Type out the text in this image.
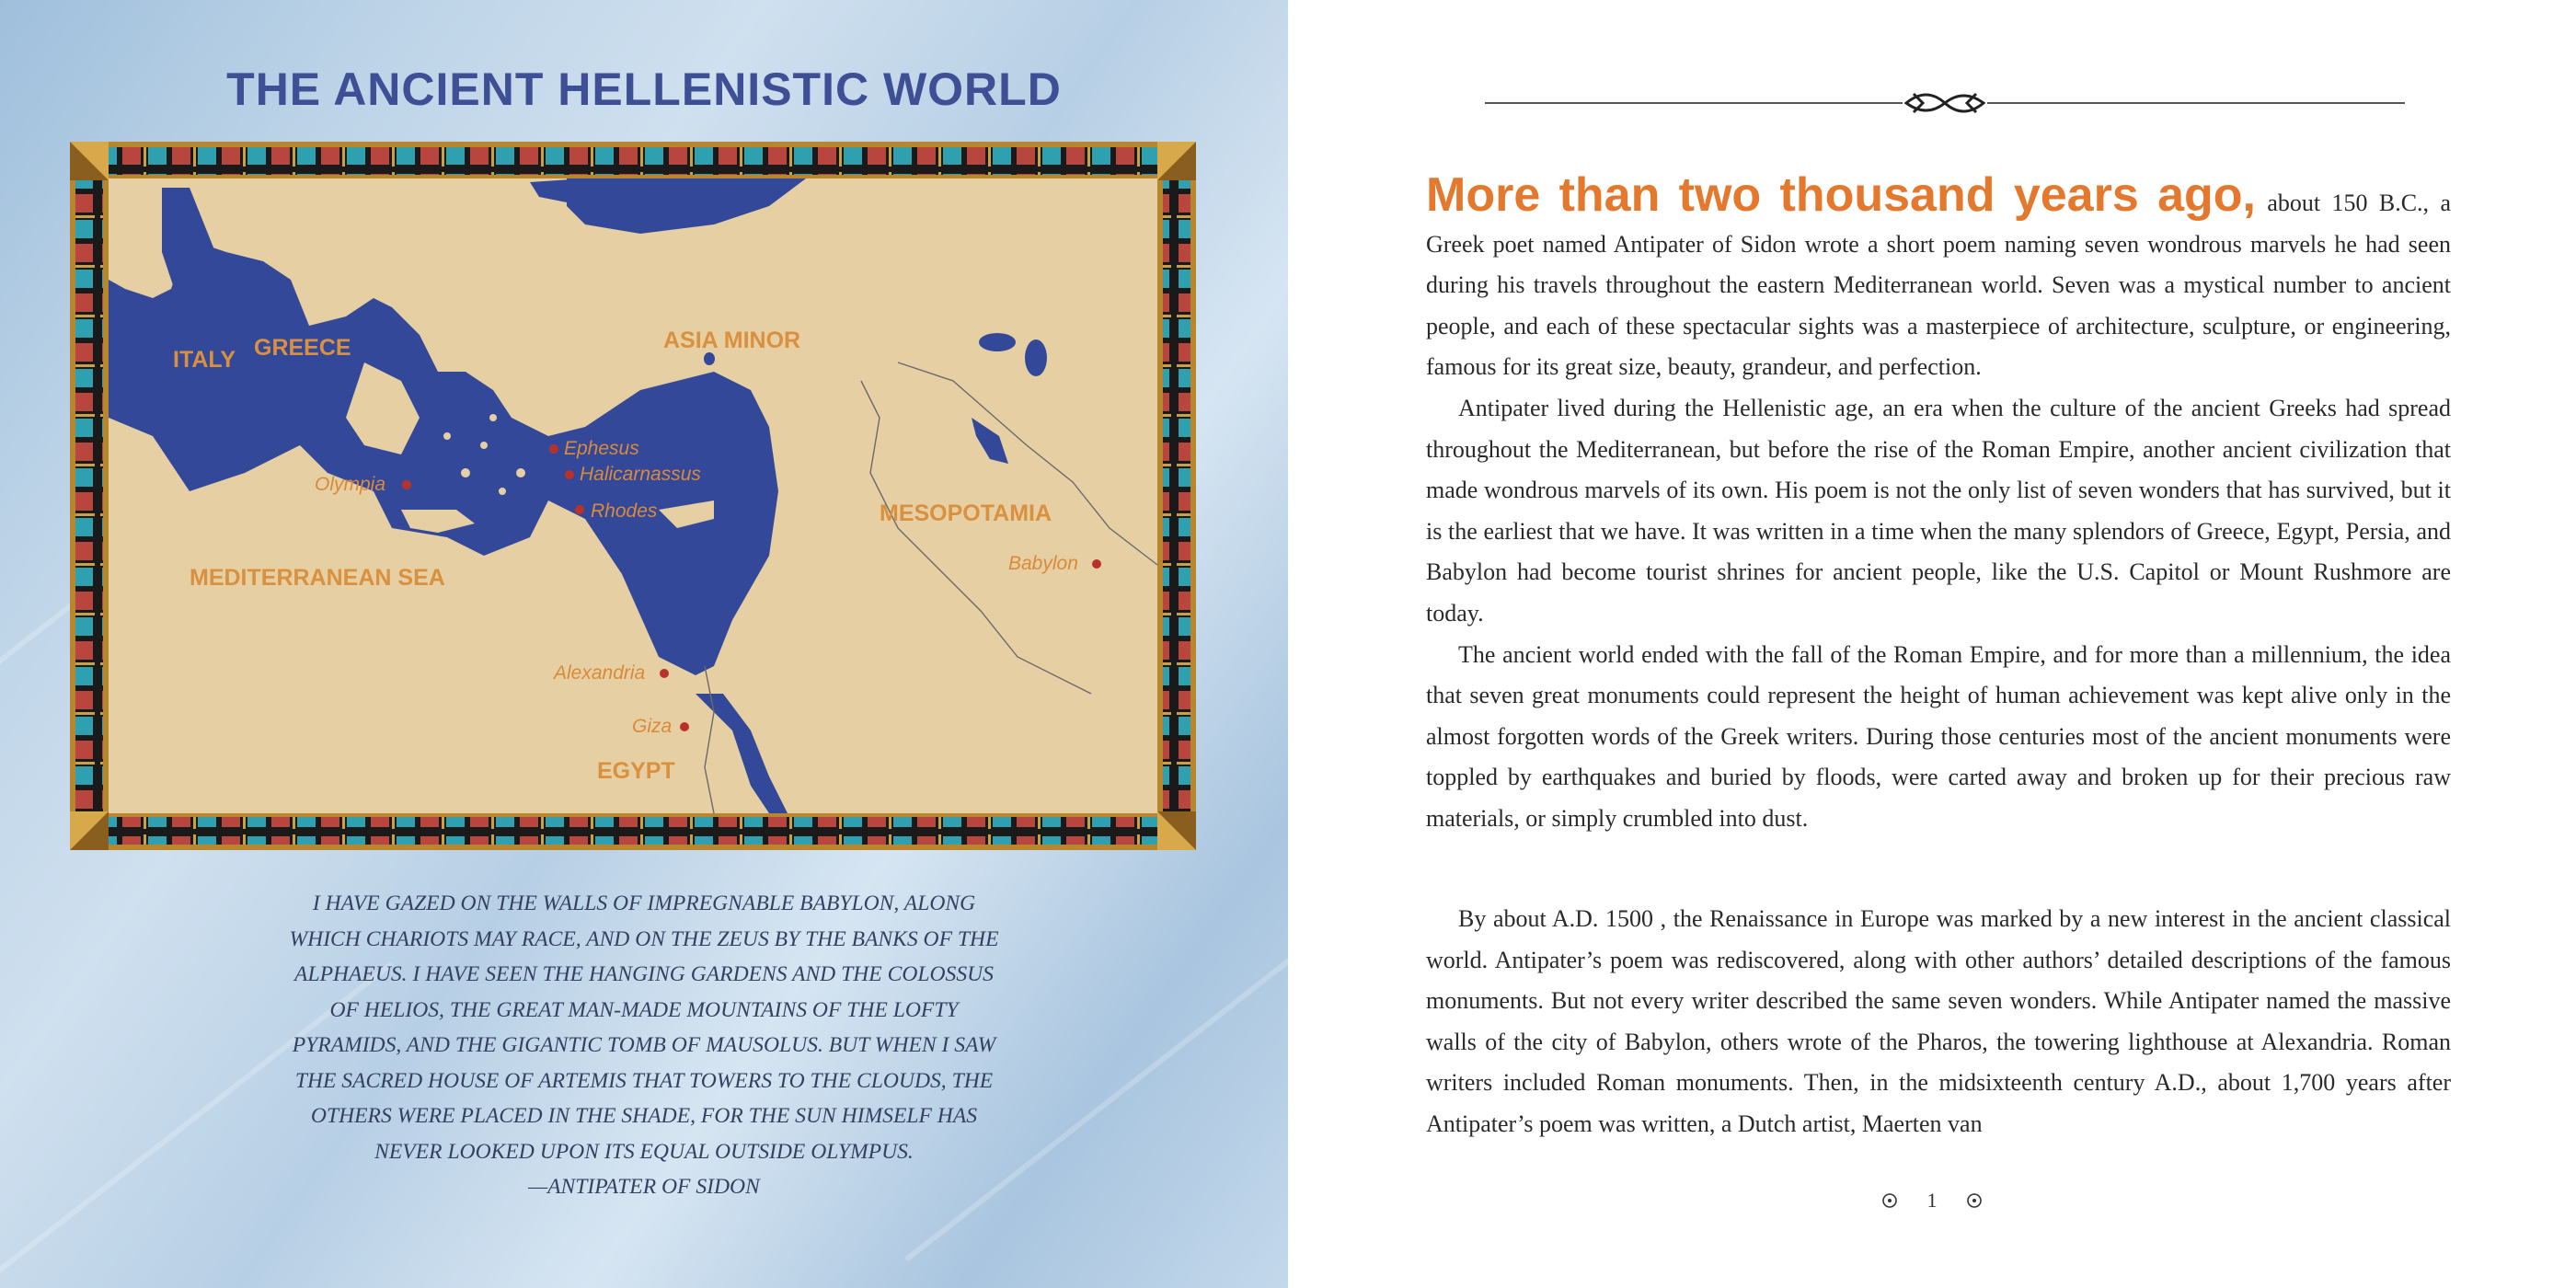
THE ANCIENT HELLENISTIC WORLD
ITALY GREECE	ASIA MINOR
MESOPOTAMIA
MEDITERRANEAN SEA
EGYPT
Olympia
Ephesus
Halicarnassus
Rhodes
Babylon
Alexandria
Giza

I HAVE GAZED ON THE WALLS OF IMPREGNABLE BABYLON, ALONG
WHICH CHARIOTS MAY RACE, AND ON THE ZEUS BY THE BANKS OF THE
ALPHAEUS. I HAVE SEEN THE HANGING GARDENS AND THE COLOSSUS
OF HELIOS, THE GREAT MAN-MADE MOUNTAINS OF THE LOFTY
PYRAMIDS, AND THE GIGANTIC TOMB OF MAUSOLUS. BUT WHEN I SAW
THE SACRED HOUSE OF ARTEMIS THAT TOWERS TO THE CLOUDS, THE
OTHERS WERE PLACED IN THE SHADE, FOR THE SUN HIMSELF HAS
NEVER LOOKED UPON ITS EQUAL OUTSIDE OLYMPUS.

—ANTIPATER OF SIDON

More than two thousand years ago, about 150 B.C., a Greek poet named Antipater of Sidon wrote a short poem naming seven wondrous marvels he had seen during his travels throughout the eastern Mediterranean world. Seven was a mystical number to ancient people, and each of these spectacular sights was a masterpiece of architecture, sculpture, or engineering, famous for its great size, beauty, grandeur, and perfection.

Antipater lived during the Hellenistic age, an era when the culture of the ancient Greeks had spread throughout the Mediterranean, but before the rise of the Roman Empire, another ancient civilization that made wondrous marvels of its own. His poem is not the only list of seven wonders that has survived, but it is the earliest that we have. It was written in a time when the many splendors of Greece, Egypt, Persia, and Babylon had become tourist shrines for ancient people, like the U.S. Capitol or Mount Rushmore are today.

The ancient world ended with the fall of the Roman Empire, and for more than a millennium, the idea that seven great monuments could represent the height of human achievement was kept alive only in the almost forgotten words of the Greek writers. During those centuries most of the ancient monuments were toppled by earthquakes and buried by floods, were carted away and broken up for their precious raw materials, or simply crumbled into dust.

By about A.D. 1500 , the Renaissance in Europe was marked by a new interest in the ancient classical world. Antipater’s poem was rediscovered, along with other authors’ detailed descriptions of the famous monuments. But not every writer described the same seven wonders. While Antipater named the massive walls of the city of Babylon, others wrote of the Pharos, the towering lighthouse at Alexandria. Roman writers included Roman monuments. Then, in the midsixteenth century A.D., about 1,700 years after Antipater’s poem was written, a Dutch artist, Maerten van

1
